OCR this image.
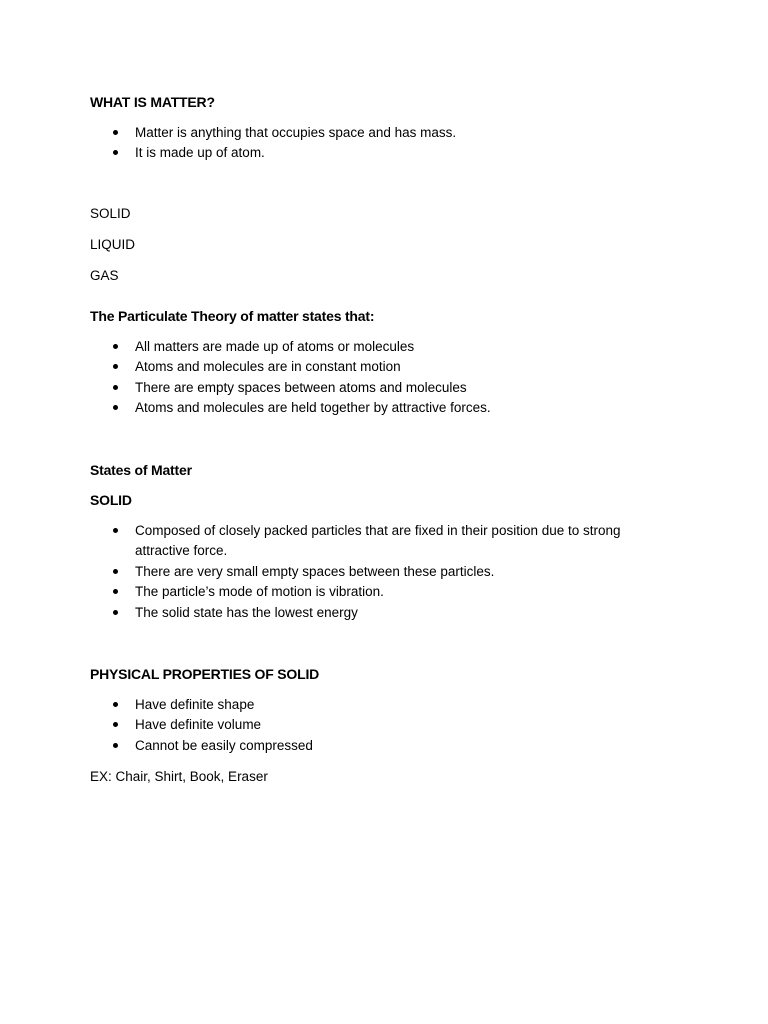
WHAT IS MATTER?

Matter is anything that occupies space and has mass.
It is made up of atom.

SOLID

LIQUID

GAS

The Particulate Theory of matter states that:

All matters are made up of atoms or molecules
Atoms and molecules are in constant motion
There are empty spaces between atoms and molecules
Atoms and molecules are held together by attractive forces.

States of Matter

SOLID

Composed of closely packed particles that are fixed in their position due to strong attractive force.
There are very small empty spaces between these particles.
The particle’s mode of motion is vibration.
The solid state has the lowest energy

PHYSICAL PROPERTIES OF SOLID

Have definite shape
Have definite volume
Cannot be easily compressed

EX: Chair, Shirt, Book, Eraser
